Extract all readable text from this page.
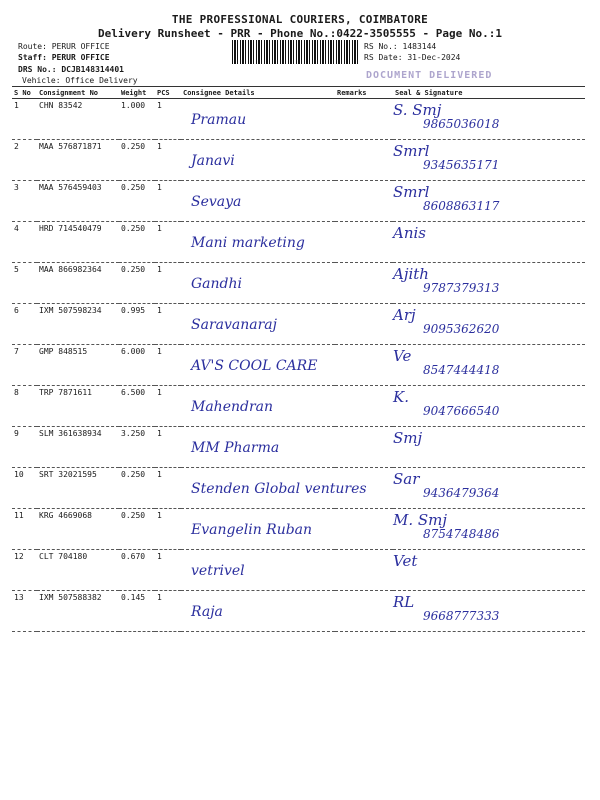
THE PROFESSIONAL COURIERS, COIMBATORE
Delivery Runsheet - PRR - Phone No.:0422-3505555 - Page No.:1
Route: PERUR OFFICE
Staff: PERUR OFFICE
DRS No.: DCJB148314401
Vehicle: Office Delivery
RS No.: 1483144
RS Date: 31-Dec-2024
DOCUMENT DELIVERED
S No	Consignment No	Weight	PCS	Consignee Details	Remarks	Seal & Signature
1	CHN 83542	1.000	1	Pramau		S. Smj
9865036018

2	MAA 576871871	0.250	1	Janavi		Smrl
9345635171

3	MAA 576459403	0.250	1	Sevaya		Smrl
8608863117

4	HRD 714540479	0.250	1	Mani marketing		Anis

5	MAA 866982364	0.250	1	Gandhi		Ajith
9787379313

6	IXM 507598234	0.995	1	Saravanaraj		Arj
9095362620

7	GMP 848515	6.000	1	AV'S COOL CARE		Ve
8547444418

8	TRP 7871611	6.500	1	Mahendran		K.
9047666540

9	SLM 361638934	3.250	1	MM Pharma		Smj

10	SRT 32021595	0.250	1	Stenden Global ventures		Sar
9436479364

11	KRG 4669068	0.250	1	Evangelin Ruban		M. Smj
8754748486

12	CLT 704180	0.670	1	vetrivel		Vet

13	IXM 507588382	0.145	1	Raja		RL
9668777333
